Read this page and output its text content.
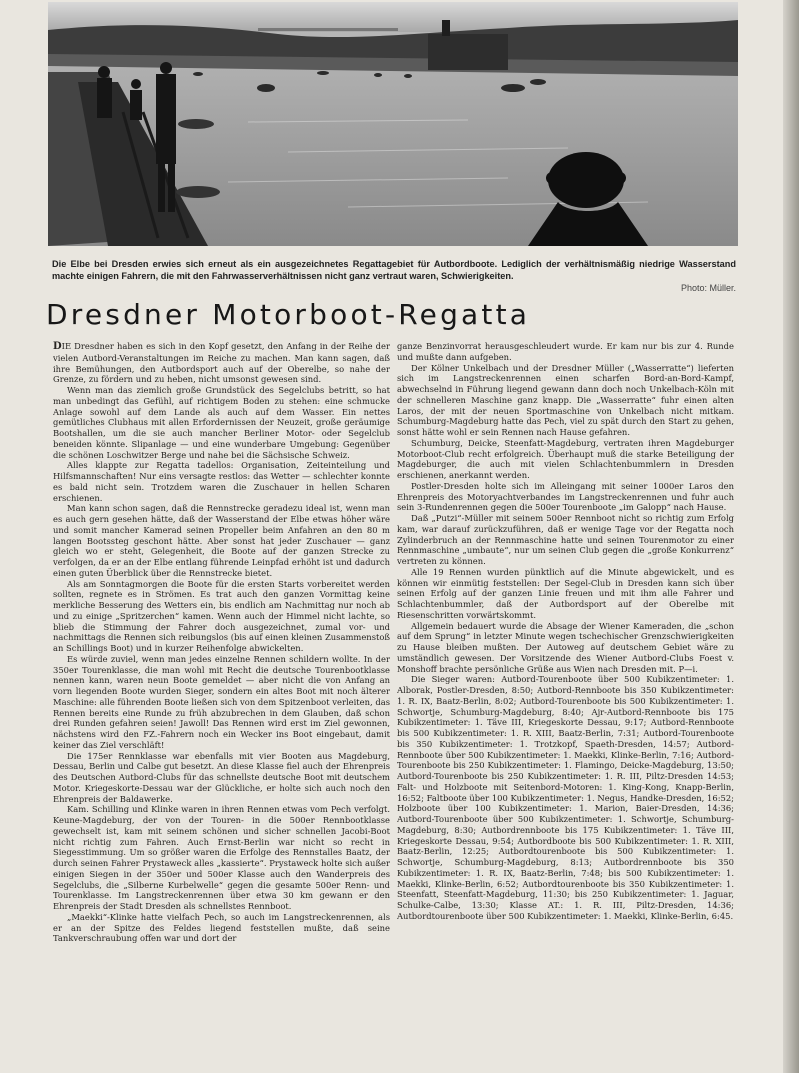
Die Elbe bei Dresden erwies sich erneut als ein ausgezeichnetes Regattagebiet für Autbordboote. Lediglich der verhältnismäßig niedrige Wasserstand machte einigen Fahrern, die mit den Fahrwasserverhältnissen nicht ganz vertraut waren, Schwierigkeiten.
Photo: Müller.
Dresdner Motorboot-Regatta

DIE Dresdner haben es sich in den Kopf gesetzt, den Anfang in der Reihe der vielen Autbord-Veranstaltungen im Reiche zu machen. Man kann sagen, daß ihre Bemühungen, den Autbordsport auch auf der Oberelbe, so nahe der Grenze, zu fördern und zu heben, nicht umsonst gewesen sind.

Wenn man das ziemlich große Grundstück des Segelclubs betritt, so hat man unbedingt das Gefühl, auf richtigem Boden zu stehen: eine schmucke Anlage sowohl auf dem Lande als auch auf dem Wasser. Ein nettes gemütliches Clubhaus mit allen Erfordernissen der Neuzeit, große geräumige Bootshallen, um die sie auch mancher Berliner Motor- oder Segelclub beneiden könnte. Slipanlage — und eine wunderbare Umgebung: Gegenüber die schönen Loschwitzer Berge und nahe bei die Sächsische Schweiz.

Alles klappte zur Regatta tadellos: Organisation, Zeiteinteilung und Hilfsmannschaften! Nur eins versagte restlos: das Wetter — schlechter konnte es bald nicht sein. Trotzdem waren die Zuschauer in hellen Scharen erschienen.

Man kann schon sagen, daß die Rennstrecke geradezu ideal ist, wenn man es auch gern gesehen hätte, daß der Wasserstand der Elbe etwas höher wäre und somit mancher Kamerad seinen Propeller beim Anfahren an den 80 m langen Bootssteg geschont hätte. Aber sonst hat jeder Zuschauer — ganz gleich wo er steht, Gelegenheit, die Boote auf der ganzen Strecke zu verfolgen, da er an der Elbe entlang führende Leinpfad erhöht ist und dadurch einen guten Überblick über die Rennstrecke bietet.

Als am Sonntagmorgen die Boote für die ersten Starts vorbereitet werden sollten, regnete es in Strömen. Es trat auch den ganzen Vormittag keine merkliche Besserung des Wetters ein, bis endlich am Nachmittag nur noch ab und zu einige „Spritzerchen“ kamen. Wenn auch der Himmel nicht lachte, so blieb die Stimmung der Fahrer doch ausgezeichnet, zumal vor- und nachmittags die Rennen sich reibungslos (bis auf einen kleinen Zusammenstoß an Schillings Boot) und in kurzer Reihenfolge abwickelten.

Es würde zuviel, wenn man jedes einzelne Rennen schildern wollte. In der 350er Tourenklasse, die man wohl mit Recht die deutsche Tourenbootklasse nennen kann, waren neun Boote gemeldet — aber nicht die von Anfang an vorn liegenden Boote wurden Sieger, sondern ein altes Boot mit noch älterer Maschine: alle führenden Boote ließen sich von dem Spitzenboot verleiten, das Rennen bereits eine Runde zu früh abzubrechen in dem Glauben, daß schon drei Runden gefahren seien! Jawoll! Das Rennen wird erst im Ziel gewonnen, nächstens wird den FZ.-Fahrern noch ein Wecker ins Boot eingebaut, damit keiner das Ziel verschläft!

Die 175er Rennklasse war ebenfalls mit vier Booten aus Magdeburg, Dessau, Berlin und Calbe gut besetzt. An diese Klasse fiel auch der Ehrenpreis des Deutschen Autbord-Clubs für das schnellste deutsche Boot mit deutschem Motor. Kriegeskorte-Dessau war der Glückliche, er holte sich auch noch den Ehrenpreis der Baldawerke.

Kam. Schilling und Klinke waren in ihren Rennen etwas vom Pech verfolgt. Keune-Magdeburg, der von der Touren- in die 500er Rennbootklasse gewechselt ist, kam mit seinem schönen und sicher schnellen Jacobi-Boot nicht richtig zum Fahren. Auch Ernst-Berlin war nicht so recht in Siegesstimmung. Um so größer waren die Erfolge des Rennstalles Baatz, der durch seinen Fahrer Prystaweck alles „kassierte“. Prystaweck holte sich außer einigen Siegen in der 350er und 500er Klasse auch den Wanderpreis des Segelclubs, die „Silberne Kurbelwelle“ gegen die gesamte 500er Renn- und Tourenklasse. Im Langstreckenrennen über etwa 30 km gewann er den Ehrenpreis der Stadt Dresden als schnellstes Rennboot.

„Maekki“-Klinke hatte vielfach Pech, so auch im Langstreckenrennen, als er an der Spitze des Feldes liegend feststellen mußte, daß seine Tankverschraubung offen war und dort der

ganze Benzinvorrat herausgeschleudert wurde. Er kam nur bis zur 4. Runde und mußte dann aufgeben.

Der Kölner Unkelbach und der Dresdner Müller („Wasserratte“) lieferten sich im Langstreckenrennen einen scharfen Bord-an-Bord-Kampf, abwechselnd in Führung liegend gewann dann doch noch Unkelbach-Köln mit der schnelleren Maschine ganz knapp. Die „Wasserratte“ fuhr einen alten Laros, der mit der neuen Sportmaschine von Unkelbach nicht mitkam. Schumburg-Magdeburg hatte das Pech, viel zu spät durch den Start zu gehen, sonst hätte wohl er sein Rennen nach Hause gefahren.

Schumburg, Deicke, Steenfatt-Magdeburg, vertraten ihren Magdeburger Motorboot-Club recht erfolgreich. Überhaupt muß die starke Beteiligung der Magdeburger, die auch mit vielen Schlachtenbummlern in Dresden erschienen, anerkannt werden.

Postler-Dresden holte sich im Alleingang mit seiner 1000er Laros den Ehrenpreis des Motoryachtverbandes im Langstreckenrennen und fuhr auch sein 3-Rundenrennen gegen die 500er Tourenboote „im Galopp“ nach Hause.

Daß „Putzi“-Müller mit seinem 500er Rennboot nicht so richtig zum Erfolg kam, war darauf zurückzuführen, daß er wenige Tage vor der Regatta noch Zylinderbruch an der Rennmaschine hatte und seinen Tourenmotor zu einer Rennmaschine „umbaute“, nur um seinen Club gegen die „große Konkurrenz“ vertreten zu können.

Alle 19 Rennen wurden pünktlich auf die Minute abgewickelt, und es können wir einmütig feststellen: Der Segel-Club in Dresden kann sich über seinen Erfolg auf der ganzen Linie freuen und mit ihm alle Fahrer und Schlachtenbummler, daß der Autbordsport auf der Oberelbe mit Riesenschritten vorwärtskommt.

Allgemein bedauert wurde die Absage der Wiener Kameraden, die „schon auf dem Sprung“ in letzter Minute wegen tschechischer Grenzschwierigkeiten zu Hause bleiben mußten. Der Autoweg auf deutschem Gebiet wäre zu umständlich gewesen. Der Vorsitzende des Wiener Autbord-Clubs Foest v. Monshoff brachte persönliche Grüße aus Wien nach Dresden mit. P—i.

Die Sieger waren: Autbord-Tourenboote über 500 Kubikzentimeter: 1. Alborak, Postler-Dresden, 8:50; Autbord-Rennboote bis 350 Kubikzentimeter: 1. R. IX, Baatz-Berlin, 8:02; Autbord-Tourenboote bis 500 Kubikzentimeter: 1. Schwortje, Schumburg-Magdeburg, 8:40; Ajr-Autbord-Rennboote bis 175 Kubikzentimeter: 1. Täve III, Kriegeskorte Dessau, 9:17; Autbord-Rennboote bis 500 Kubikzentimeter: 1. R. XIII, Baatz-Berlin, 7:31; Autbord-Tourenboote bis 350 Kubikzentimeter: 1. Trotzkopf, Spaeth-Dresden, 14:57; Autbord-Rennboote über 500 Kubikzentimeter: 1. Maekki, Klinke-Berlin, 7:16; Autbord-Tourenboote bis 250 Kubikzentimeter: 1. Flamingo, Deicke-Magdeburg, 13:50; Autbord-Tourenboote bis 250 Kubikzentimeter: 1. R. III, Piltz-Dresden 14:53; Falt- und Holzboote mit Seitenbord-Motoren: 1. King-Kong, Knapp-Berlin, 16:52; Faltboote über 100 Kubikzentimeter: 1. Negus, Handke-Dresden, 16:52; Holzboote über 100 Kubikzentimeter: 1. Marion, Baier-Dresden, 14:36; Autbord-Tourenboote über 500 Kubikzentimeter: 1. Schwortje, Schumburg-Magdeburg, 8:30; Autbordrennboote bis 175 Kubikzentimeter: 1. Täve III, Kriegeskorte Dessau, 9:54; Autbordboote bis 500 Kubikzentimeter: 1. R. XIII, Baatz-Berlin, 12:25; Autbordtourenboote bis 500 Kubikzentimeter: 1. Schwortje, Schumburg-Magdeburg, 8:13; Autbordrennboote bis 350 Kubikzentimeter: 1. R. IX, Baatz-Berlin, 7:48; bis 500 Kubikzentimeter: 1. Maekki, Klinke-Berlin, 6:52; Autbordtourenboote bis 350 Kubikzentimeter: 1. Steenfatt, Steenfatt-Magdeburg, 11:30; bis 250 Kubikzentimeter: 1. Jaguar, Schulke-Calbe, 13:30; Klasse AT.: 1. R. III, Piltz-Dresden, 14:36; Autbordtourenboote über 500 Kubikzentimeter: 1. Maekki, Klinke-Berlin, 6:45.
